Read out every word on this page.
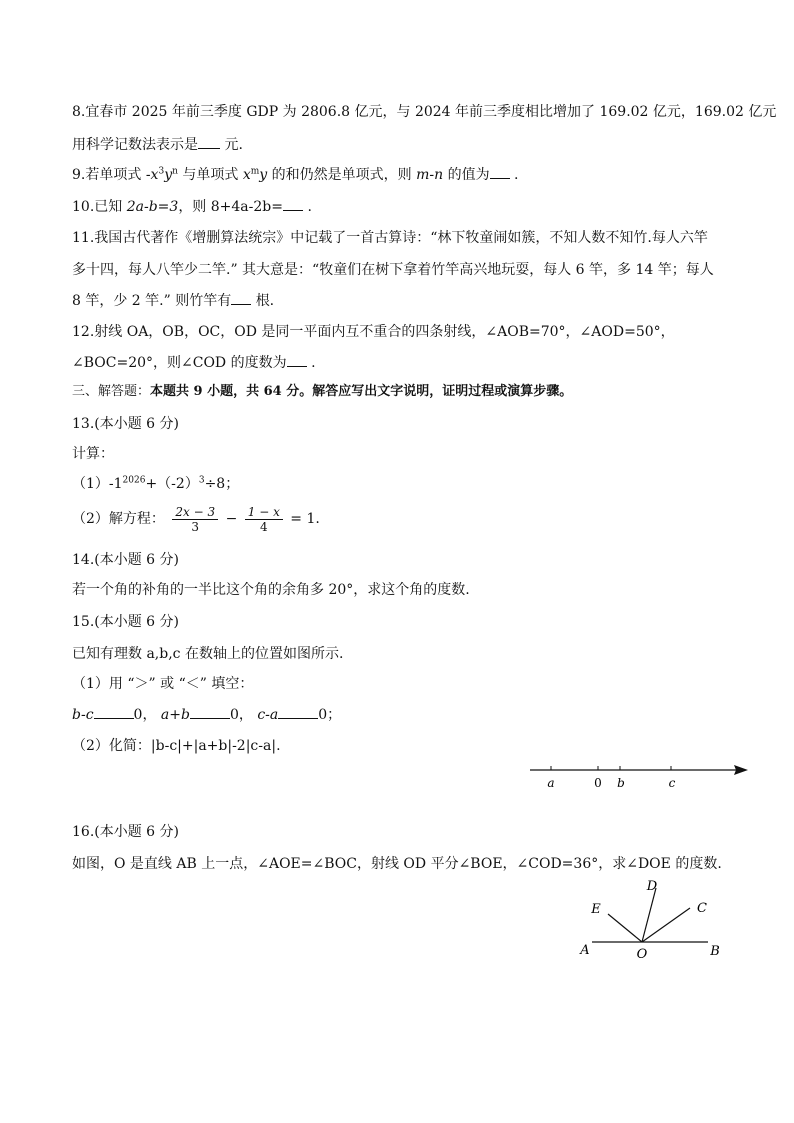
8.宜春市 2025 年前三季度 GDP 为 2806.8 亿元，与 2024 年前三季度相比增加了 169.02 亿元，169.02 亿元
用科学记数法表示是 元.
9.若单项式 $-x^3y^n$ 与单项式 $x^my$ 的和仍然是单项式，则 m-n 的值为 .
10.已知 2a-b=3，则 8+4a-2b= .
11.我国古代著作《增删算法统宗》中记载了一首古算诗：“林下牧童闹如簇，不知人数不知竹.每人六竿
多十四，每人八竿少二竿.” 其大意是：“牧童们在树下拿着竹竿高兴地玩耍，每人 6 竿，多 14 竿；每人
8 竿，少 2 竿.” 则竹竿有 根.
12.射线 OA，OB，OC，OD 是同一平面内互不重合的四条射线，∠AOB=70°，∠AOD=50°，
∠BOC=20°，则∠COD 的度数为 .
三、解答题：本题共 9 小题，共 64 分。解答应写出文字说明，证明过程或演算步骤。
13.(本小题 6 分)
计算：
$(1)-1^{2026}+(-2)^3\div 8$；
（2）解方程： $\frac{2x - 3}{3} - \frac{1 - x}{4} = 1$.
14.(本小题 6 分)
若一个角的补角的一半比这个角的余角多 20°，求这个角的度数.
15.(本小题 6 分)
已知有理数 a,b,c 在数轴上的位置如图所示.
（1）用 “＞” 或 “＜” 填空：
b-c	0， a+b	0， c-a	0；
（2）化简：|b-c|+|a+b|-2|c-a|.
a	0 b	c
16.(本小题 6 分)
如图，O 是直线 AB 上一点，∠AOE=∠BOC，射线 OD 平分∠BOE，∠COD=36°，求∠DOE 的度数.
A	B
O
C
D
E
